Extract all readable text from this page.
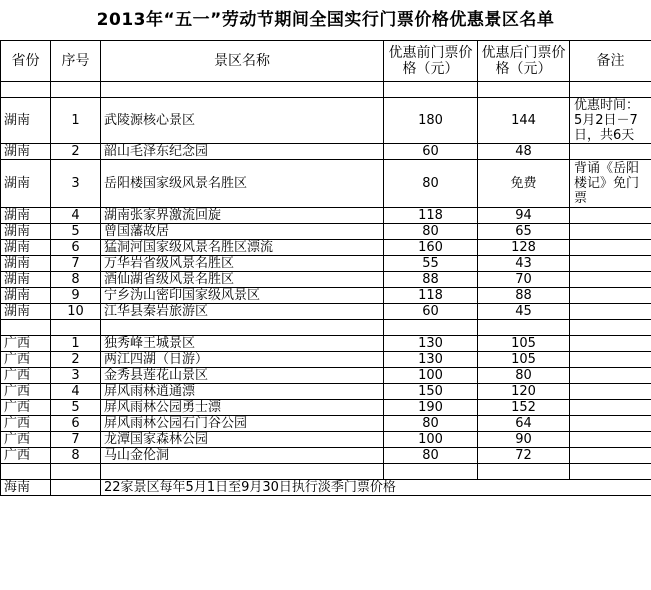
2013年“五一”劳动节期间全国实行门票价格优惠景区名单
省份	序号	景区名称	优惠前门票价格（元）	优惠后门票价格（元）	备注

湖南	1	武陵源核心景区	180	144	优惠时间：5月2日－7日，共6天
湖南	2	韶山毛泽东纪念园	60	48	
湖南	3	岳阳楼国家级风景名胜区	80	免费	背诵《岳阳楼记》免门票
湖南	4	湖南张家界激流回旋	118	94	
湖南	5	曾国藩故居	80	65	
湖南	6	猛洞河国家级风景名胜区漂流	160	128	
湖南	7	万华岩省级风景名胜区	55	43	
湖南	8	酒仙湖省级风景名胜区	88	70	
湖南	9	宁乡沩山密印国家级风景区	118	88	
湖南	10	江华县秦岩旅游区	60	45	

广西	1	独秀峰王城景区	130	105	
广西	2	两江四湖（日游）	130	105	
广西	3	金秀县莲花山景区	100	80	
广西	4	屏风雨林逍通漂	150	120	
广西	5	屏风雨林公园勇士漂	190	152	
广西	6	屏风雨林公园石门谷公园	80	64	
广西	7	龙潭国家森林公园	100	90	
广西	8	马山金伦洞	80	72	

海南		22家景区每年5月1日至9月30日执行淡季门票价格			
